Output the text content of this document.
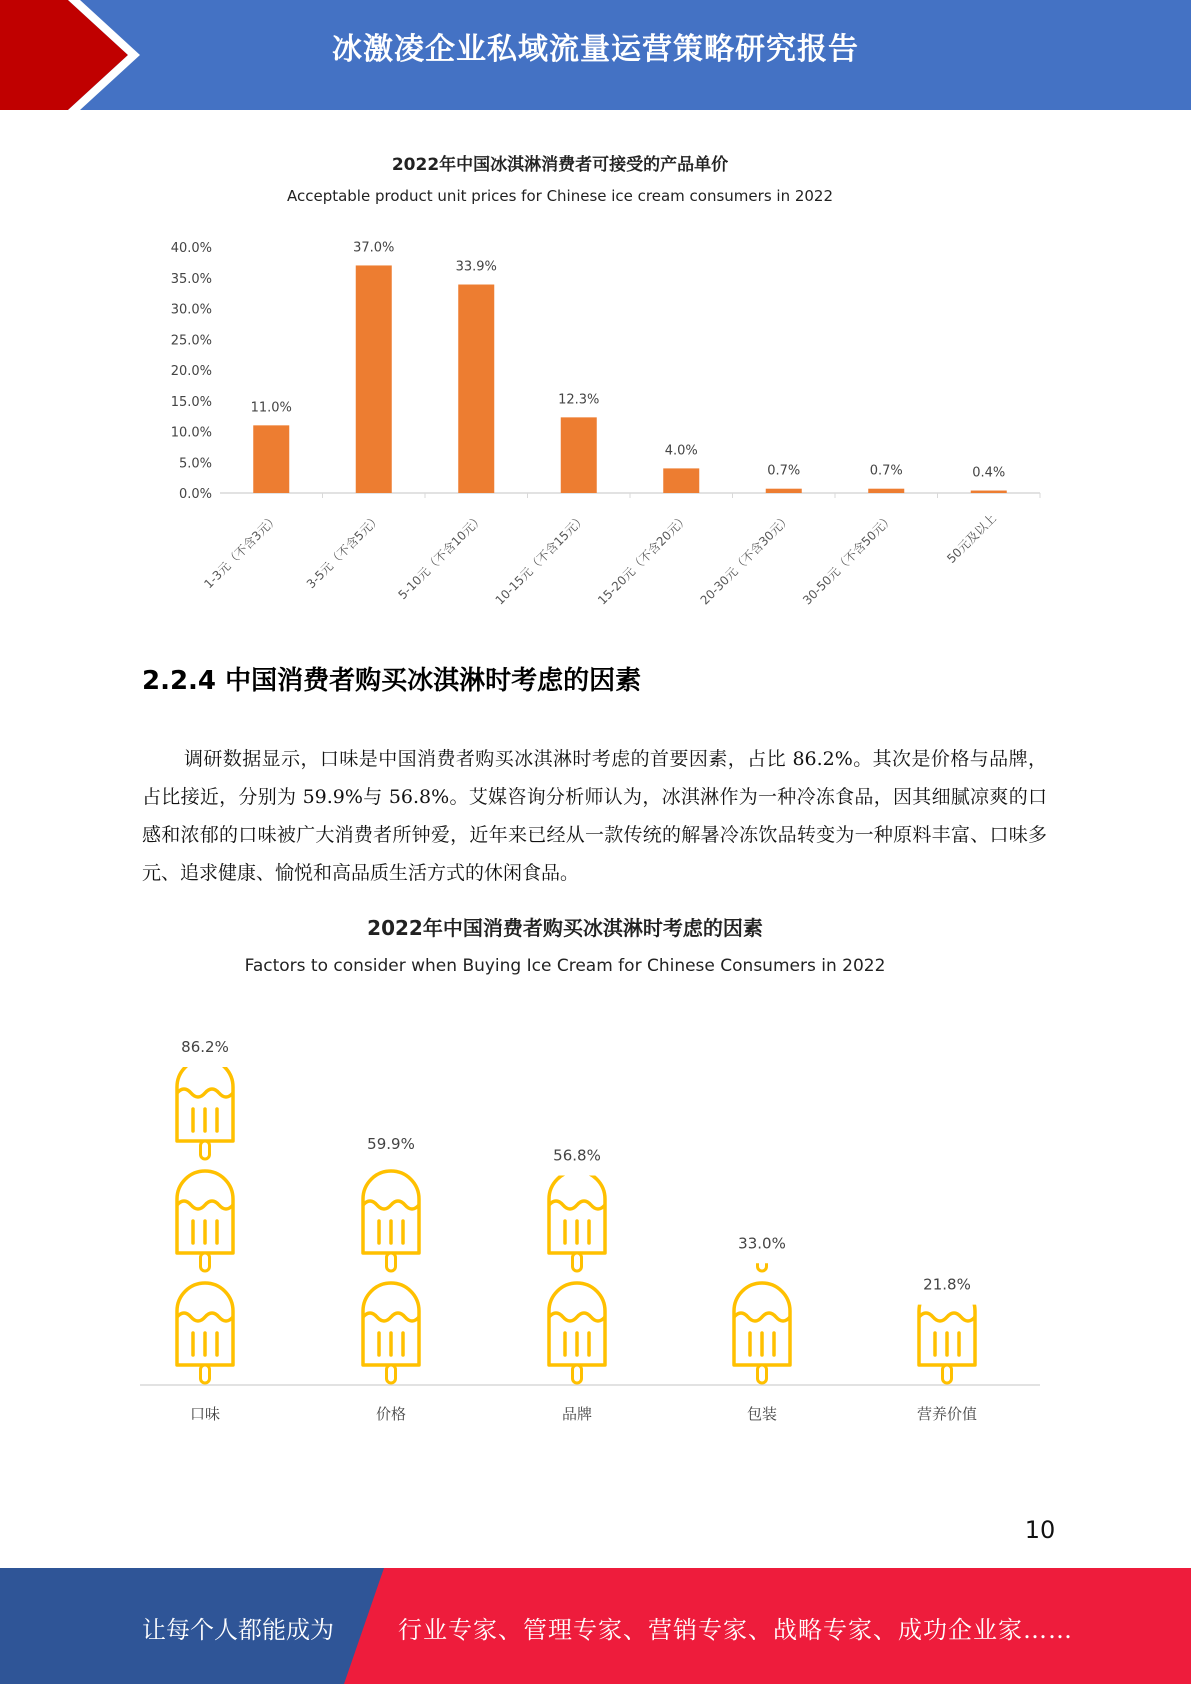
冰激凌企业私域流量运营策略研究报告
2022年中国冰淇淋消费者可接受的产品单价
Acceptable product unit prices for Chinese ice cream consumers in 2022
0.0%
5.0%
10.0%
15.0%
20.0%
25.0%
30.0%
35.0%
40.0%
11.0%
1-3元（不含3元）
37.0%
3-5元（不含5元）
33.9%
5-10元（不含10元）
12.3%
10-15元（不含15元）
4.0%
15-20元（不含20元）
0.7%
20-30元（不含30元）
0.7%
30-50元（不含50元）
0.4%
50元及以上
2.2.4 中国消费者购买冰淇淋时考虑的因素
调研数据显示，口味是中国消费者购买冰淇淋时考虑的首要因素，占比 86.2%。其次是价格与品牌，占比接近，分别为 59.9%与 56.8%。艾媒咨询分析师认为，冰淇淋作为一种冷冻食品，因其细腻凉爽的口感和浓郁的口味被广大消费者所钟爱，近年来已经从一款传统的解暑冷冻饮品转变为一种原料丰富、口味多元、追求健康、愉悦和高品质生活方式的休闲食品。
2022年中国消费者购买冰淇淋时考虑的因素
Factors to consider when Buying Ice Cream for Chinese Consumers in 2022
86.2%
口味
59.9%
价格
56.8%
品牌
33.0%
包装
21.8%
营养价值
10
让每个人都能成为	行业专家、管理专家、营销专家、战略专家、成功企业家……
